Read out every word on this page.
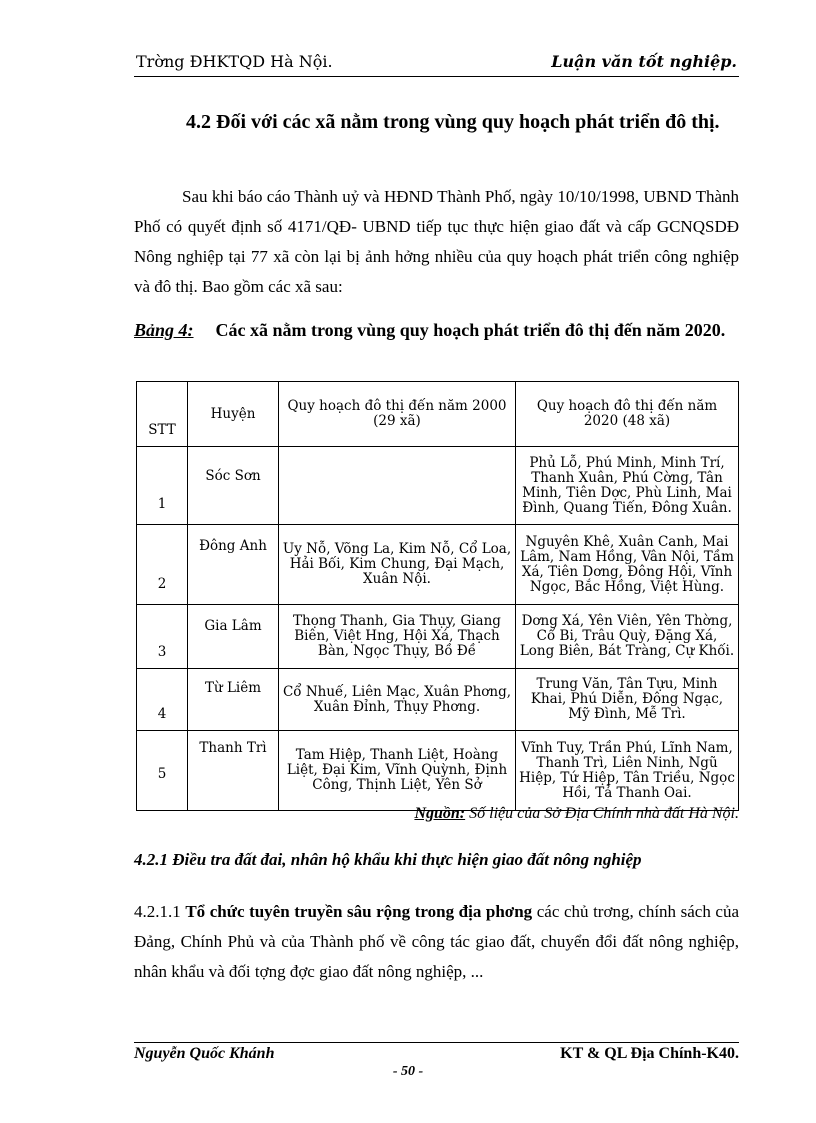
Trờng ĐHKTQD Hà Nội.	Luận văn tốt nghiệp.
4.2 Đối với các xã nằm trong vùng quy hoạch phát triển đô thị.
Sau khi báo cáo Thành uỷ và HĐND Thành Phố, ngày 10/10/1998, UBND Thành Phố có quyết định số 4171/QĐ- UBND tiếp tục thực hiện giao đất và cấp GCNQSDĐ Nông nghiệp tại 77 xã còn lại bị ảnh hởng nhiều của quy hoạch phát triển công nghiệp và đô thị. Bao gồm các xã sau:
Bảng 4: Các xã nằm trong vùng quy hoạch phát triển đô thị đến năm 2020.
STT	Huyện	Quy hoạch đô thị đến năm 2000 (29 xã)	Quy hoạch đô thị đến năm 2020 (48 xã)
1	Sóc Sơn		Phủ Lỗ, Phú Minh, Minh Trí, Thanh Xuân, Phú Cờng, Tân Minh, Tiên Dợc, Phù Linh, Mai Đình, Quang Tiến, Đông Xuân.
2	Đông Anh	Uy Nỗ, Võng La, Kim Nỗ, Cổ Loa, Hải Bối, Kim Chung, Đại Mạch, Xuân Nội.	Nguyên Khê, Xuân Canh, Mai Lâm, Nam Hồng, Vân Nội, Tầm Xá, Tiên Dơng, Đông Hội, Vĩnh Ngọc, Bắc Hồng, Việt Hùng.
3	Gia Lâm	Thọng Thanh, Gia Thụy, Giang Biên, Việt Hng, Hội Xá, Thạch Bàn, Ngọc Thụy, Bồ Đề	Dơng Xá, Yên Viên, Yên Thờng, Cổ Bi, Trâu Quỳ, Đặng Xá, Long Biên, Bát Tràng, Cự Khối.
4	Từ Liêm	Cổ Nhuế, Liên Mạc, Xuân Phơng, Xuân Đỉnh, Thụy Phơng.	Trung Văn, Tân Tựu, Minh Khai, Phú Diễn, Đông Ngạc, Mỹ Đình, Mễ Trì.
5	Thanh Trì	Tam Hiệp, Thanh Liệt, Hoàng Liệt, Đại Kim, Vĩnh Quỳnh, Định Công, Thịnh Liệt, Yên Sở	Vĩnh Tuy, Trần Phú, Lĩnh Nam, Thanh Trì, Liên Ninh, Ngũ Hiệp, Tứ Hiệp, Tân Triều, Ngọc Hồi, Tả Thanh Oai.
Nguồn: Số liệu của Sở Địa Chính nhà đất Hà Nội.
4.2.1 Điều tra đất đai, nhân hộ khẩu khi thực hiện giao đất nông nghiệp
4.2.1.1 Tổ chức tuyên truyền sâu rộng trong địa phơng các chủ trơng, chính sách của Đảng, Chính Phủ và của Thành phố về công tác giao đất, chuyển đổi đất nông nghiệp, nhân khẩu và đối tợng đợc giao đất nông nghiệp, ...
Nguyễn Quốc Khánh	KT & QL Địa Chính-K40.
- 50 -
